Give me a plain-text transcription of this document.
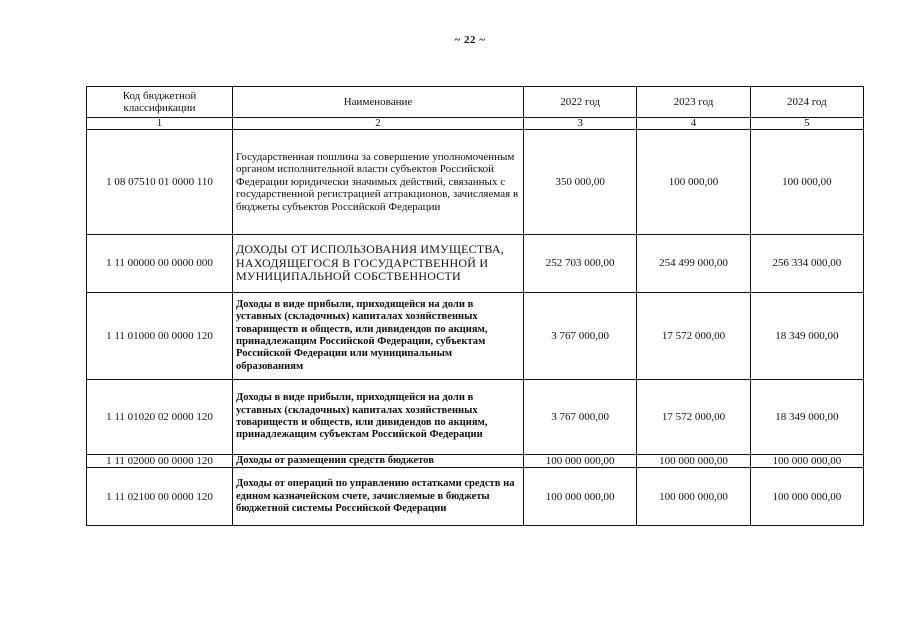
~ 22 ~
Код бюджетной классификации	Наименование	2022 год	2023 год	2024 год
1	2	3	4	5
1 08 07510 01 0000 110	Государственная пошлина за совершение уполномоченным органом исполнительной власти субъектов Российской Федерации юридически значимых действий, связанных с государственной регистрацией аттракционов, зачисляемая в бюджеты субъектов Российской Федерации	350 000,00	100 000,00	100 000,00
1 11 00000 00 0000 000	ДОХОДЫ ОТ ИСПОЛЬЗОВАНИЯ ИМУЩЕСТВА, НАХОДЯЩЕГОСЯ В ГОСУДАРСТВЕННОЙ И МУНИЦИПАЛЬНОЙ СОБСТВЕННОСТИ	252 703 000,00	254 499 000,00	256 334 000,00
1 11 01000 00 0000 120	Доходы в виде прибыли, приходящейся на доли в уставных (складочных) капиталах хозяйственных товариществ и обществ, или дивидендов по акциям, принадлежащим Российской Федерации, субъектам Российской Федерации или муниципальным образованиям	3 767 000,00	17 572 000,00	18 349 000,00
1 11 01020 02 0000 120	Доходы в виде прибыли, приходящейся на доли в уставных (складочных) капиталах хозяйственных товариществ и обществ, или дивидендов по акциям, принадлежащим субъектам Российской Федерации	3 767 000,00	17 572 000,00	18 349 000,00
1 11 02000 00 0000 120	Доходы от размещения средств бюджетов	100 000 000,00	100 000 000,00	100 000 000,00
1 11 02100 00 0000 120	Доходы от операций по управлению остатками средств на едином казначейском счете, зачисляемые в бюджеты бюджетной системы Российской Федерации	100 000 000,00	100 000 000,00	100 000 000,00
